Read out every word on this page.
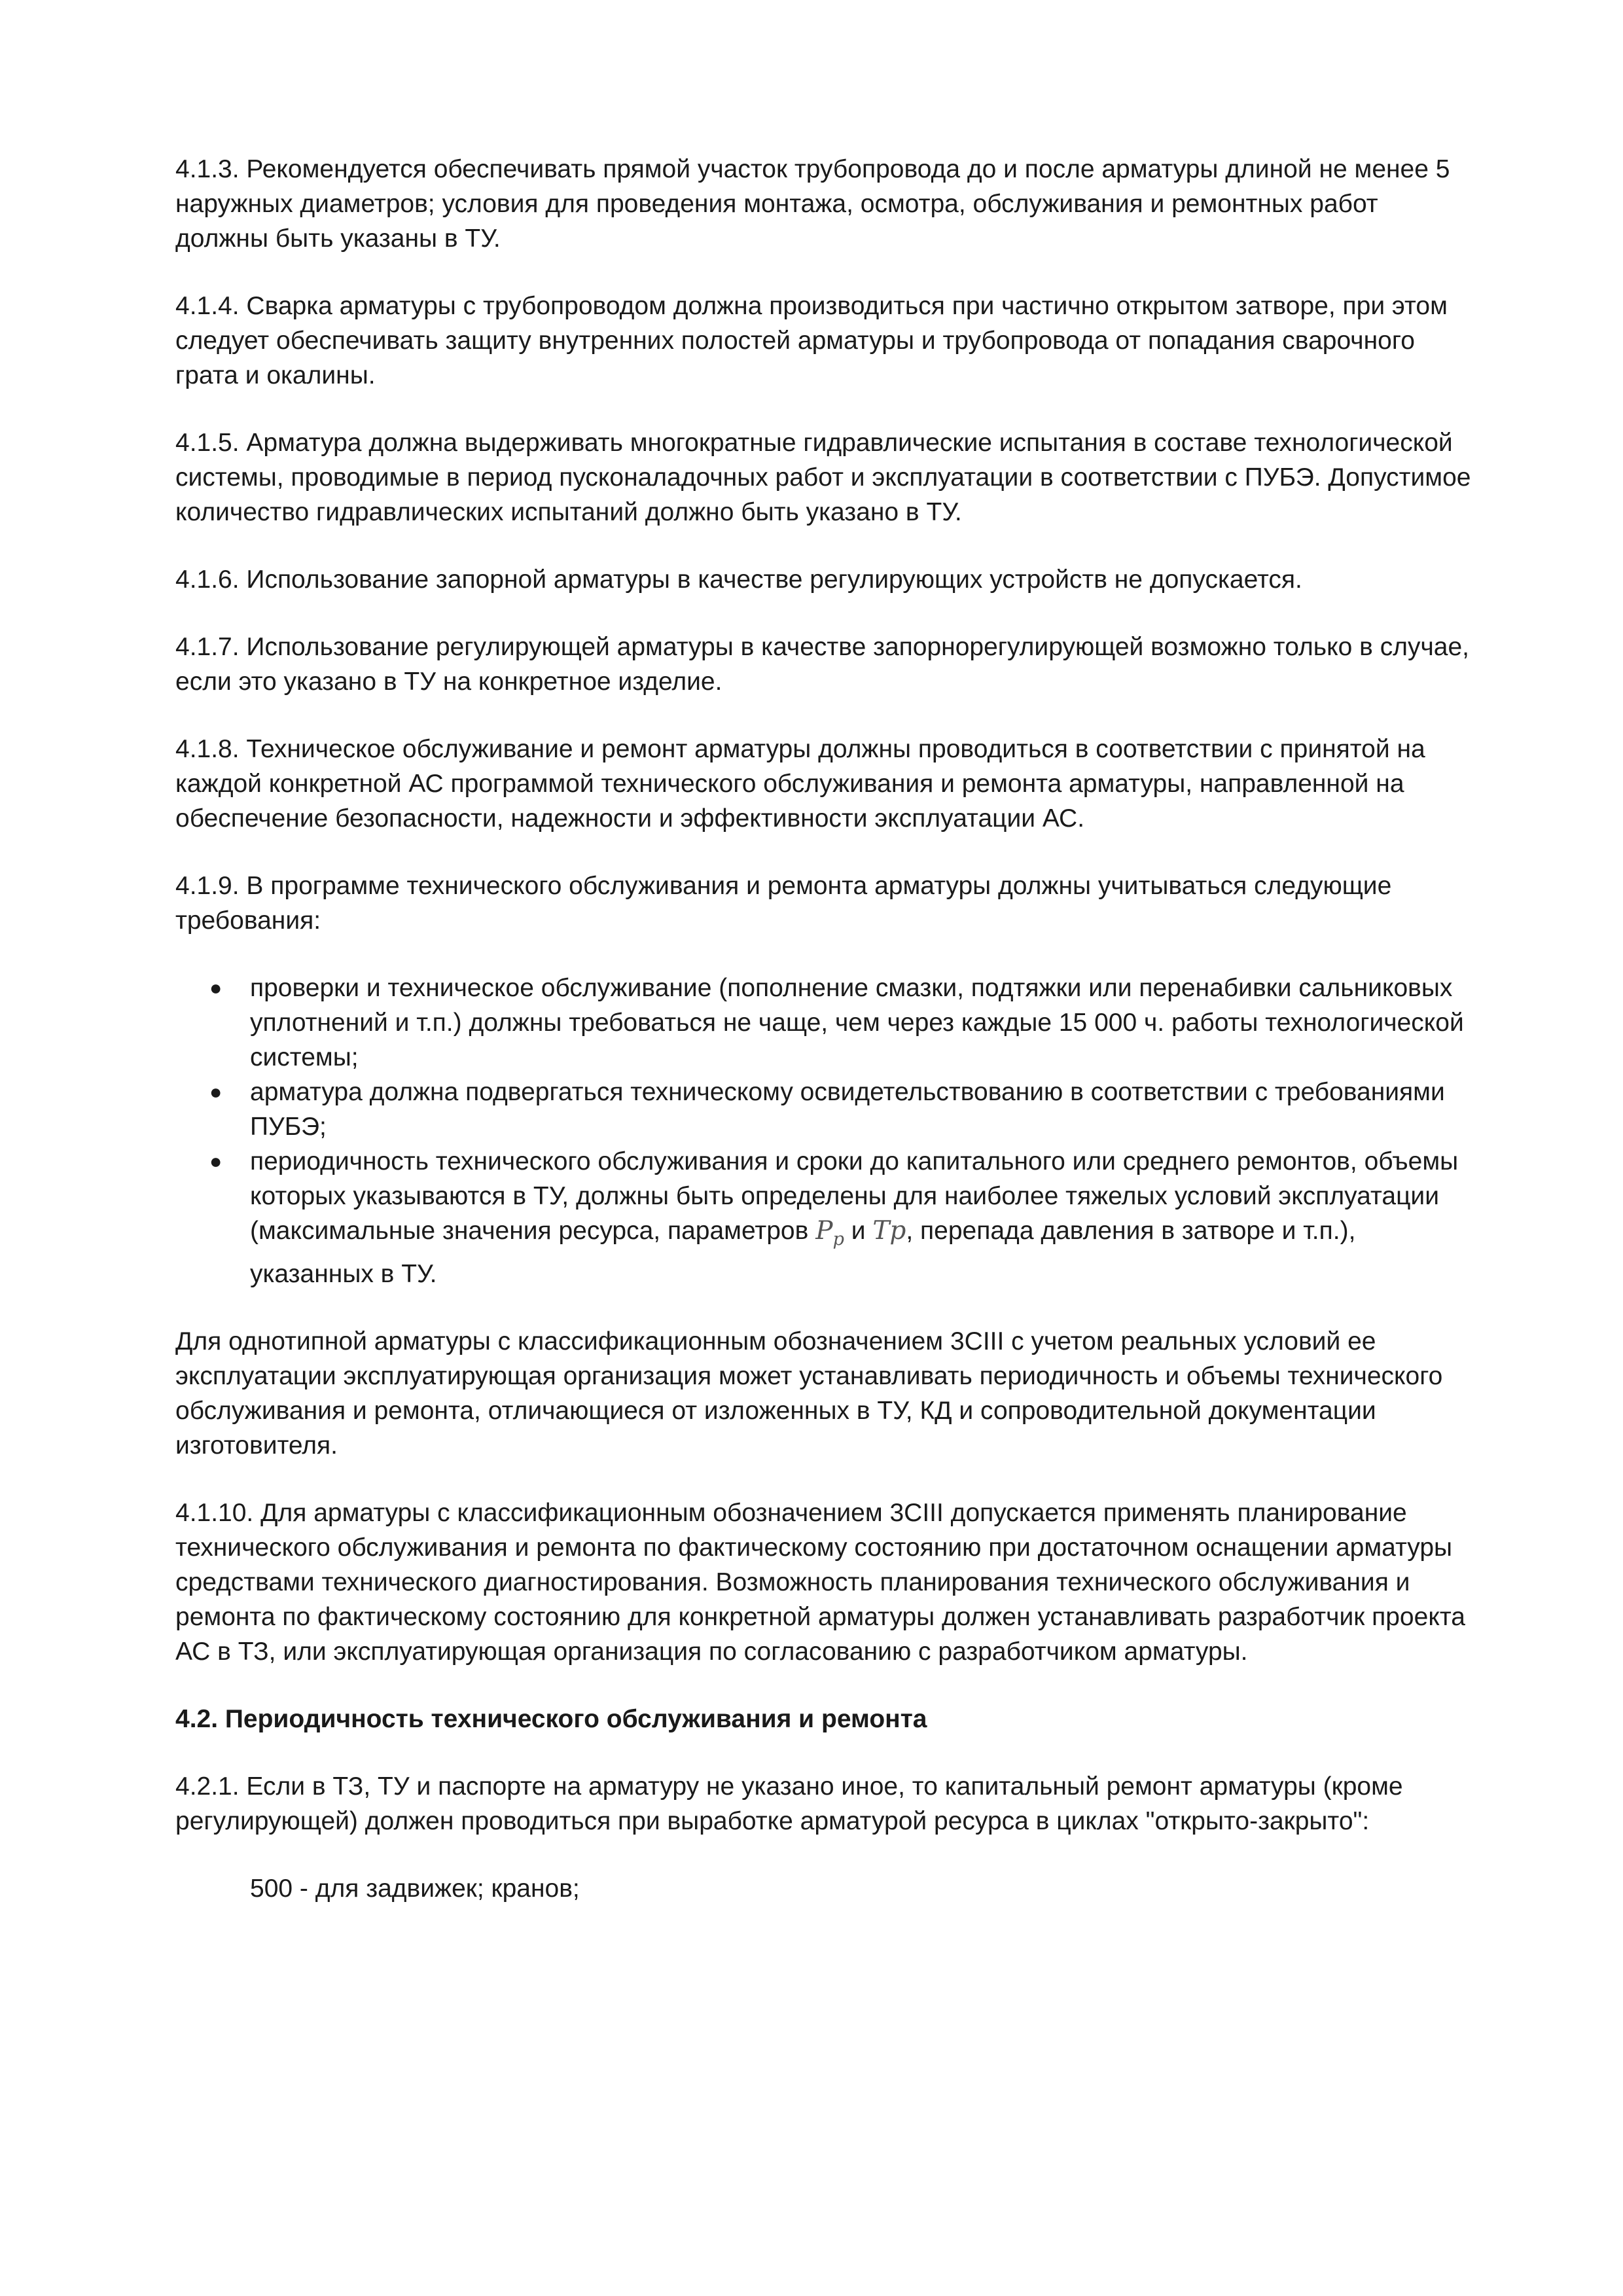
4.1.3. Рекомендуется обеспечивать прямой участок трубопровода до и после арматуры длиной не менее 5 наружных диаметров; условия для проведения монтажа, осмотра, обслуживания и ремонтных работ должны быть указаны в ТУ.

4.1.4. Сварка арматуры с трубопроводом должна производиться при частично открытом затворе, при этом следует обеспечивать защиту внутренних полостей арматуры и трубопровода от попадания сварочного грата и окалины.

4.1.5. Арматура должна выдерживать многократные гидравлические испытания в составе технологической системы, проводимые в период пусконаладочных работ и эксплуатации в соответствии с ПУБЭ. Допустимое количество гидравлических испытаний должно быть указано в ТУ.

4.1.6. Использование запорной арматуры в качестве регулирующих устройств не допускается.

4.1.7. Использование регулирующей арматуры в качестве запорнорегулирующей возможно только в случае, если это указано в ТУ на конкретное изделие.

4.1.8. Техническое обслуживание и ремонт арматуры должны проводиться в соответствии с принятой на каждой конкретной АС программой технического обслуживания и ремонта арматуры, направленной на обеспечение безопасности, надежности и эффективности эксплуатации АС.

4.1.9. В программе технического обслуживания и ремонта арматуры должны учитываться следующие требования:

● проверки и техническое обслуживание (пополнение смазки, подтяжки или перенабивки сальниковых уплотнений и т.п.) должны требоваться не чаще, чем через каждые 15 000 ч. работы технологической системы;
● арматура должна подвергаться техническому освидетельствованию в соответствии с требованиями ПУБЭ;
● периодичность технического обслуживания и сроки до капитального или среднего ремонтов, объемы которых указываются в ТУ, должны быть определены для наиболее тяжелых условий эксплуатации (максимальные значения ресурса, параметров $P_p$ и Tp, перепада давления в затворе и т.п.), указанных в ТУ.

Для однотипной арматуры с классификационным обозначением 3СIII с учетом реальных условий ее эксплуатации эксплуатирующая организация может устанавливать периодичность и объемы технического обслуживания и ремонта, отличающиеся от изложенных в ТУ, КД и сопроводительной документации изготовителя.

4.1.10. Для арматуры с классификационным обозначением 3СIII допускается применять планирование технического обслуживания и ремонта по фактическому состоянию при достаточном оснащении арматуры средствами технического диагностирования. Возможность планирования технического обслуживания и ремонта по фактическому состоянию для конкретной арматуры должен устанавливать разработчик проекта АС в ТЗ, или эксплуатирующая организация по согласованию с разработчиком арматуры.

4.2. Периодичность технического обслуживания и ремонта

4.2.1. Если в ТЗ, ТУ и паспорте на арматуру не указано иное, то капитальный ремонт арматуры (кроме регулирующей) должен проводиться при выработке арматурой ресурса в циклах "открыто-закрыто":

500 - для задвижек; кранов;
